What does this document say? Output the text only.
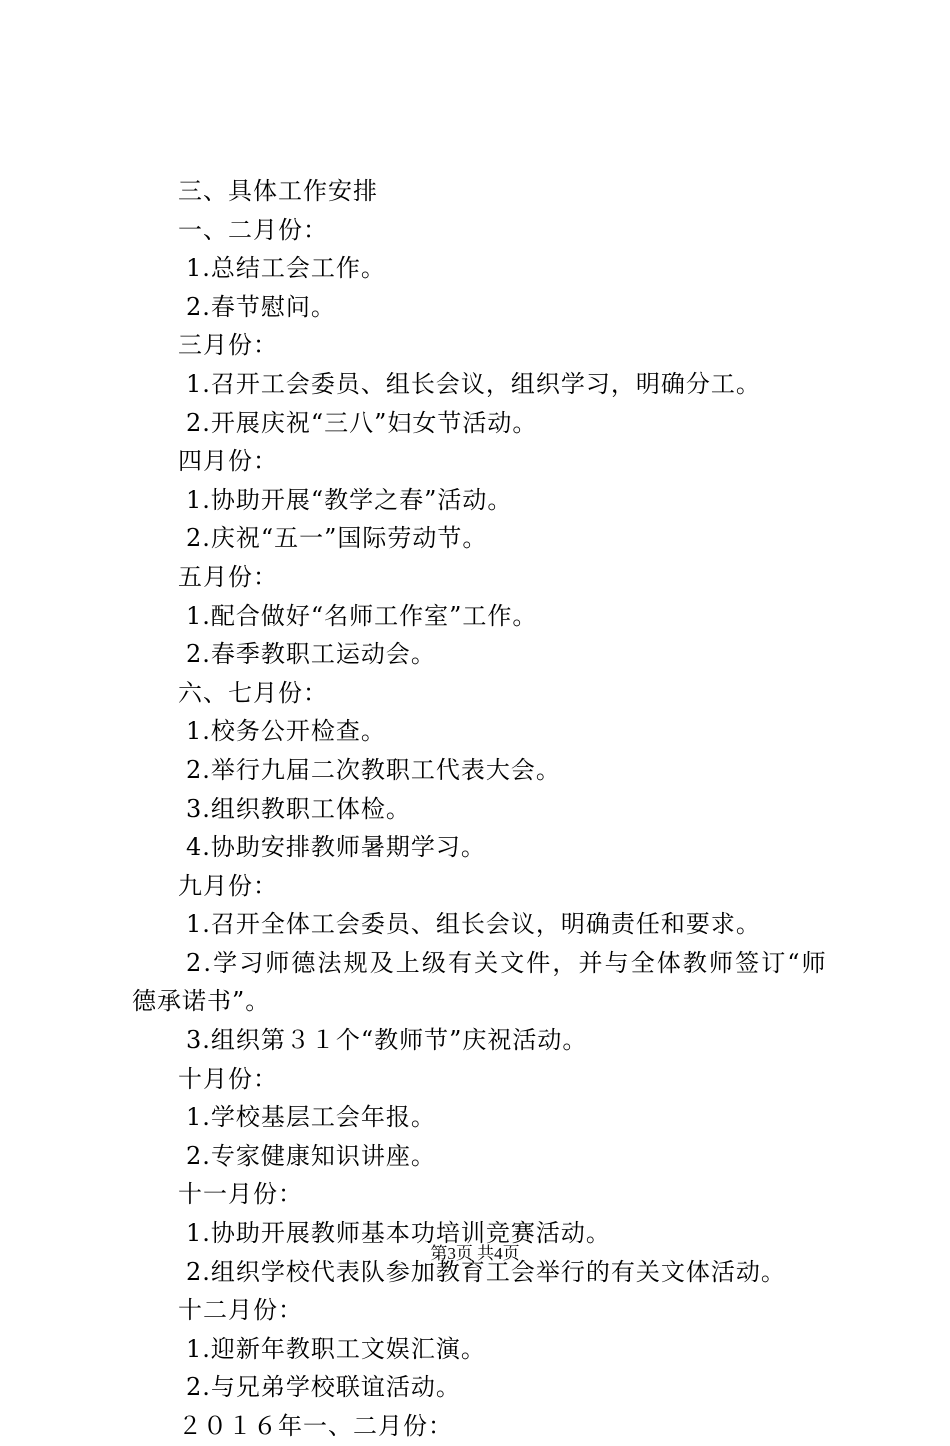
三、具体工作安排
一、二月份：
1.总结工会工作。
2.春节慰问。
三月份：
1.召开工会委员、组长会议，组织学习，明确分工。
2.开展庆祝“三八”妇女节活动。
四月份：
1.协助开展“教学之春”活动。
2.庆祝“五一”国际劳动节。
五月份：
1.配合做好“名师工作室”工作。
2.春季教职工运动会。
六、七月份：
1.校务公开检查。
2.举行九届二次教职工代表大会。
3.组织教职工体检。
4.协助安排教师暑期学习。
九月份：
1.召开全体工会委员、组长会议，明确责任和要求。
2.学习师德法规及上级有关文件，并与全体教师签订“师
德承诺书”。
3.组织第３１个“教师节”庆祝活动。
十月份：
1.学校基层工会年报。
2.专家健康知识讲座。
十一月份：
1.协助开展教师基本功培训竞赛活动。
2.组织学校代表队参加教育工会举行的有关文体活动。
十二月份：
1.迎新年教职工文娱汇演。
2.与兄弟学校联谊活动。
２０１６年一、二月份：
第3页 共4页
